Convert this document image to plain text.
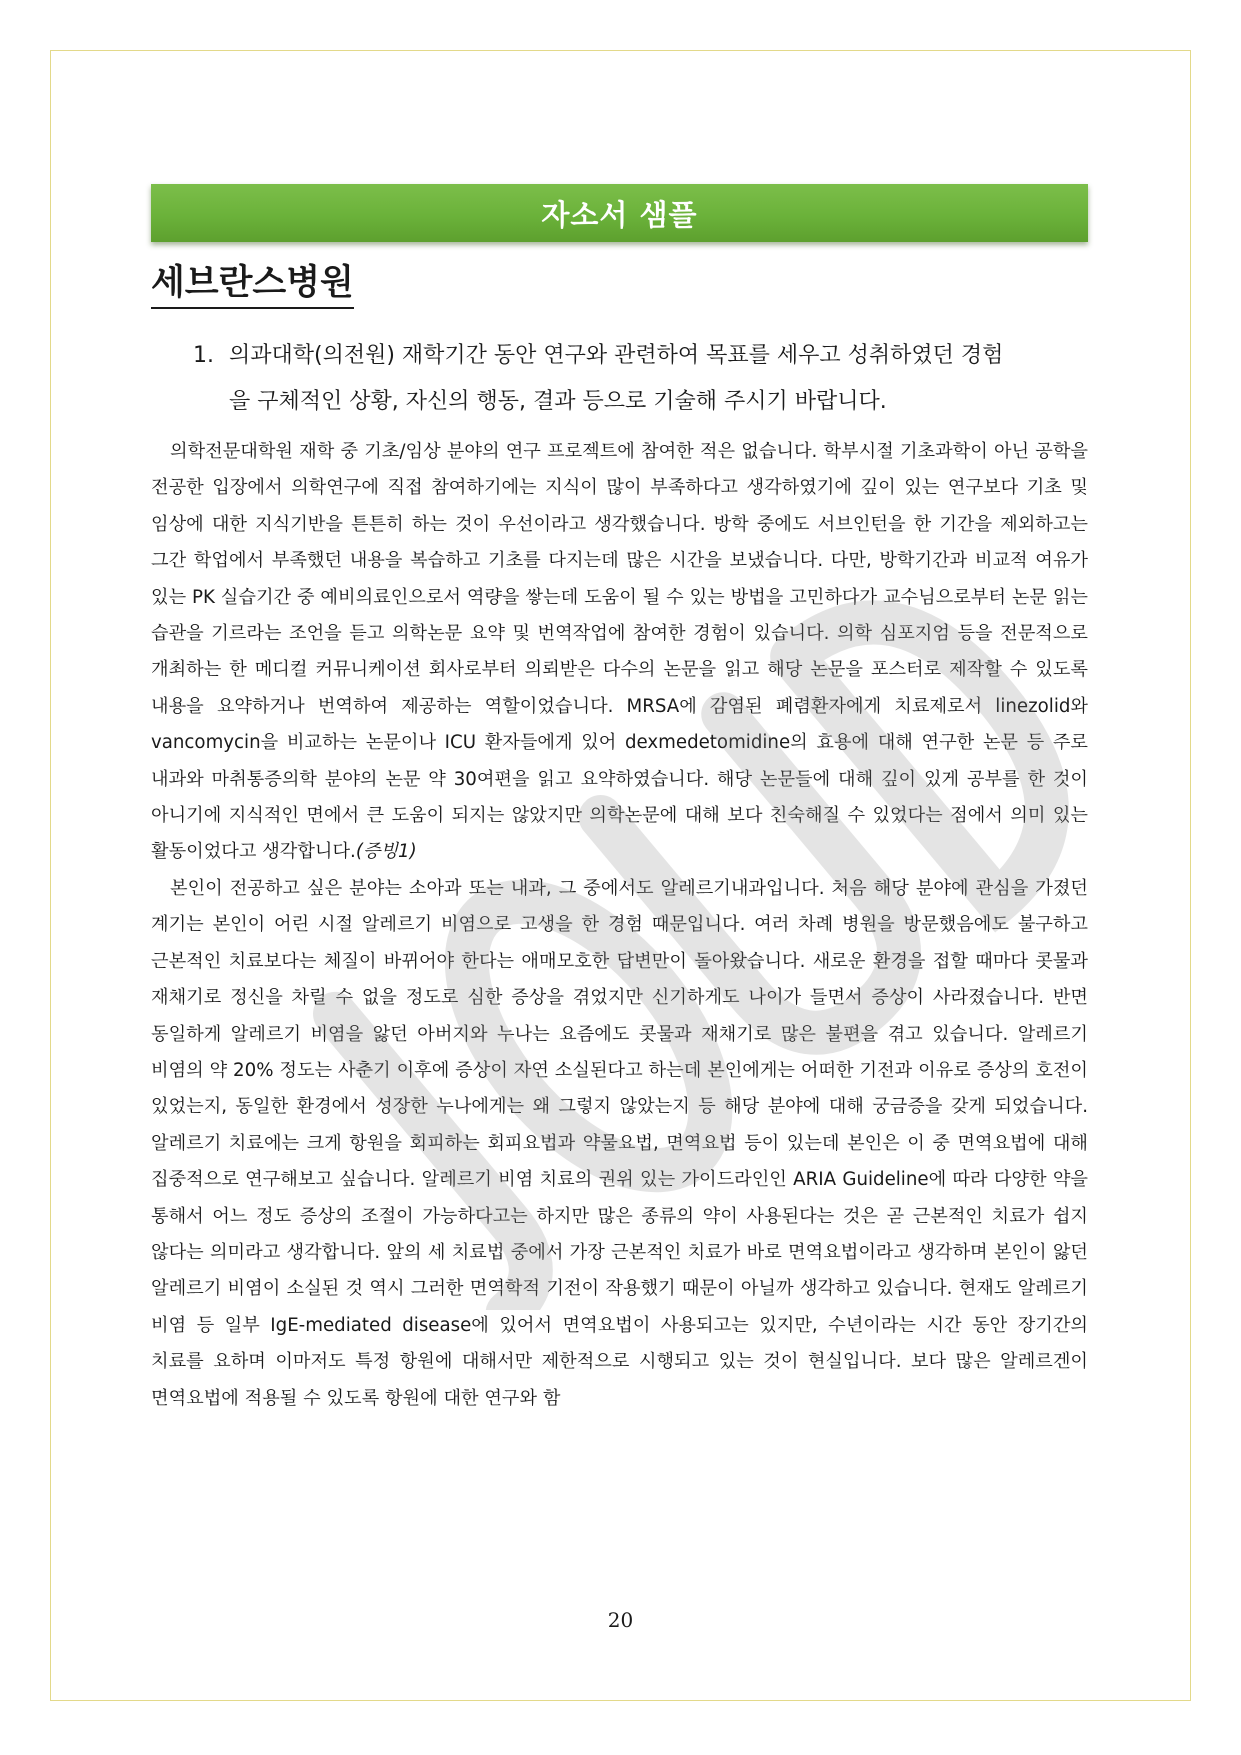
자소서 샘플
세브란스병원
1. 의과대학(의전원) 재학기간 동안 연구와 관련하여 목표를 세우고 성취하였던 경험
을 구체적인 상황, 자신의 행동, 결과 등으로 기술해 주시기 바랍니다.

의학전문대학원 재학 중 기초/임상 분야의 연구 프로젝트에 참여한 적은 없습니다. 학부시절 기초과학이 아닌 공학을 전공한 입장에서 의학연구에 직접 참여하기에는 지식이 많이 부족하다고 생각하였기에 깊이 있는 연구보다 기초 및 임상에 대한 지식기반을 튼튼히 하는 것이 우선이라고 생각했습니다. 방학 중에도 서브인턴을 한 기간을 제외하고는 그간 학업에서 부족했던 내용을 복습하고 기초를 다지는데 많은 시간을 보냈습니다. 다만, 방학기간과 비교적 여유가 있는 PK 실습기간 중 예비의료인으로서 역량을 쌓는데 도움이 될 수 있는 방법을 고민하다가 교수님으로부터 논문 읽는 습관을 기르라는 조언을 듣고 의학논문 요약 및 번역작업에 참여한 경험이 있습니다. 의학 심포지엄 등을 전문적으로 개최하는 한 메디컬 커뮤니케이션 회사로부터 의뢰받은 다수의 논문을 읽고 해당 논문을 포스터로 제작할 수 있도록 내용을 요약하거나 번역하여 제공하는 역할이었습니다. MRSA에 감염된 폐렴환자에게 치료제로서 linezolid와 vancomycin을 비교하는 논문이나 ICU 환자들에게 있어 dexmedetomidine의 효용에 대해 연구한 논문 등 주로 내과와 마취통증의학 분야의 논문 약 30여편을 읽고 요약하였습니다. 해당 논문들에 대해 깊이 있게 공부를 한 것이 아니기에 지식적인 면에서 큰 도움이 되지는 않았지만 의학논문에 대해 보다 친숙해질 수 있었다는 점에서 의미 있는 활동이었다고 생각합니다.(증빙1)

본인이 전공하고 싶은 분야는 소아과 또는 내과, 그 중에서도 알레르기내과입니다. 처음 해당 분야에 관심을 가졌던 계기는 본인이 어린 시절 알레르기 비염으로 고생을 한 경험 때문입니다. 여러 차례 병원을 방문했음에도 불구하고 근본적인 치료보다는 체질이 바뀌어야 한다는 애매모호한 답변만이 돌아왔습니다. 새로운 환경을 접할 때마다 콧물과 재채기로 정신을 차릴 수 없을 정도로 심한 증상을 겪었지만 신기하게도 나이가 들면서 증상이 사라졌습니다. 반면 동일하게 알레르기 비염을 앓던 아버지와 누나는 요즘에도 콧물과 재채기로 많은 불편을 겪고 있습니다. 알레르기 비염의 약 20% 정도는 사춘기 이후에 증상이 자연 소실된다고 하는데 본인에게는 어떠한 기전과 이유로 증상의 호전이 있었는지, 동일한 환경에서 성장한 누나에게는 왜 그렇지 않았는지 등 해당 분야에 대해 궁금증을 갖게 되었습니다. 알레르기 치료에는 크게 항원을 회피하는 회피요법과 약물요법, 면역요법 등이 있는데 본인은 이 중 면역요법에 대해 집중적으로 연구해보고 싶습니다. 알레르기 비염 치료의 권위 있는 가이드라인인 ARIA Guideline에 따라 다양한 약을 통해서 어느 정도 증상의 조절이 가능하다고는 하지만 많은 종류의 약이 사용된다는 것은 곧 근본적인 치료가 쉽지 않다는 의미라고 생각합니다. 앞의 세 치료법 중에서 가장 근본적인 치료가 바로 면역요법이라고 생각하며 본인이 앓던 알레르기 비염이 소실된 것 역시 그러한 면역학적 기전이 작용했기 때문이 아닐까 생각하고 있습니다. 현재도 알레르기 비염 등 일부 IgE-mediated disease에 있어서 면역요법이 사용되고는 있지만, 수년이라는 시간 동안 장기간의 치료를 요하며 이마저도 특정 항원에 대해서만 제한적으로 시행되고 있는 것이 현실입니다. 보다 많은 알레르겐이 면역요법에 적용될 수 있도록 항원에 대한 연구와 함

20
